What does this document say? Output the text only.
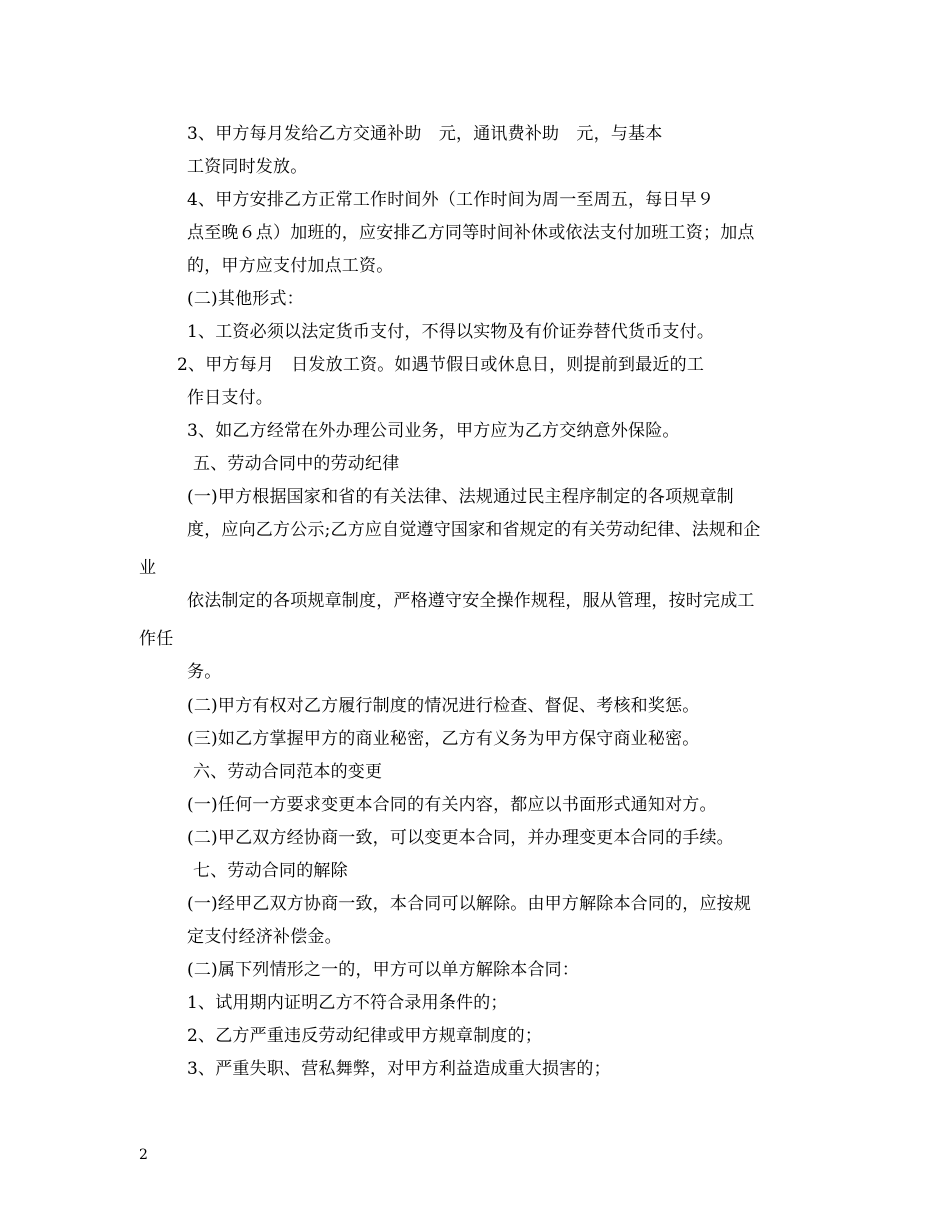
3、甲方每月发给乙方交通补助　元，通讯费补助　元，与基本
工资同时发放。
4、甲方安排乙方正常工作时间外（工作时间为周一至周五，每日早９
点至晚６点）加班的，应安排乙方同等时间补休或依法支付加班工资；加点
的，甲方应支付加点工资。
(二)其他形式：
1、工资必须以法定货币支付，不得以实物及有价证券替代货币支付。
2、甲方每月　日发放工资。如遇节假日或休息日，则提前到最近的工
作日支付。
3、如乙方经常在外办理公司业务，甲方应为乙方交纳意外保险。
五、劳动合同中的劳动纪律
(一)甲方根据国家和省的有关法律、法规通过民主程序制定的各项规章制
度，应向乙方公示;乙方应自觉遵守国家和省规定的有关劳动纪律、法规和企
业
依法制定的各项规章制度，严格遵守安全操作规程，服从管理，按时完成工
作任
务。
(二)甲方有权对乙方履行制度的情况进行检查、督促、考核和奖惩。
(三)如乙方掌握甲方的商业秘密，乙方有义务为甲方保守商业秘密。
六、劳动合同范本的变更
(一)任何一方要求变更本合同的有关内容，都应以书面形式通知对方。
(二)甲乙双方经协商一致，可以变更本合同，并办理变更本合同的手续。
七、劳动合同的解除
(一)经甲乙双方协商一致，本合同可以解除。由甲方解除本合同的，应按规
定支付经济补偿金。
(二)属下列情形之一的，甲方可以单方解除本合同：
1、试用期内证明乙方不符合录用条件的；
2、乙方严重违反劳动纪律或甲方规章制度的；
3、严重失职、营私舞弊，对甲方利益造成重大损害的；
2
